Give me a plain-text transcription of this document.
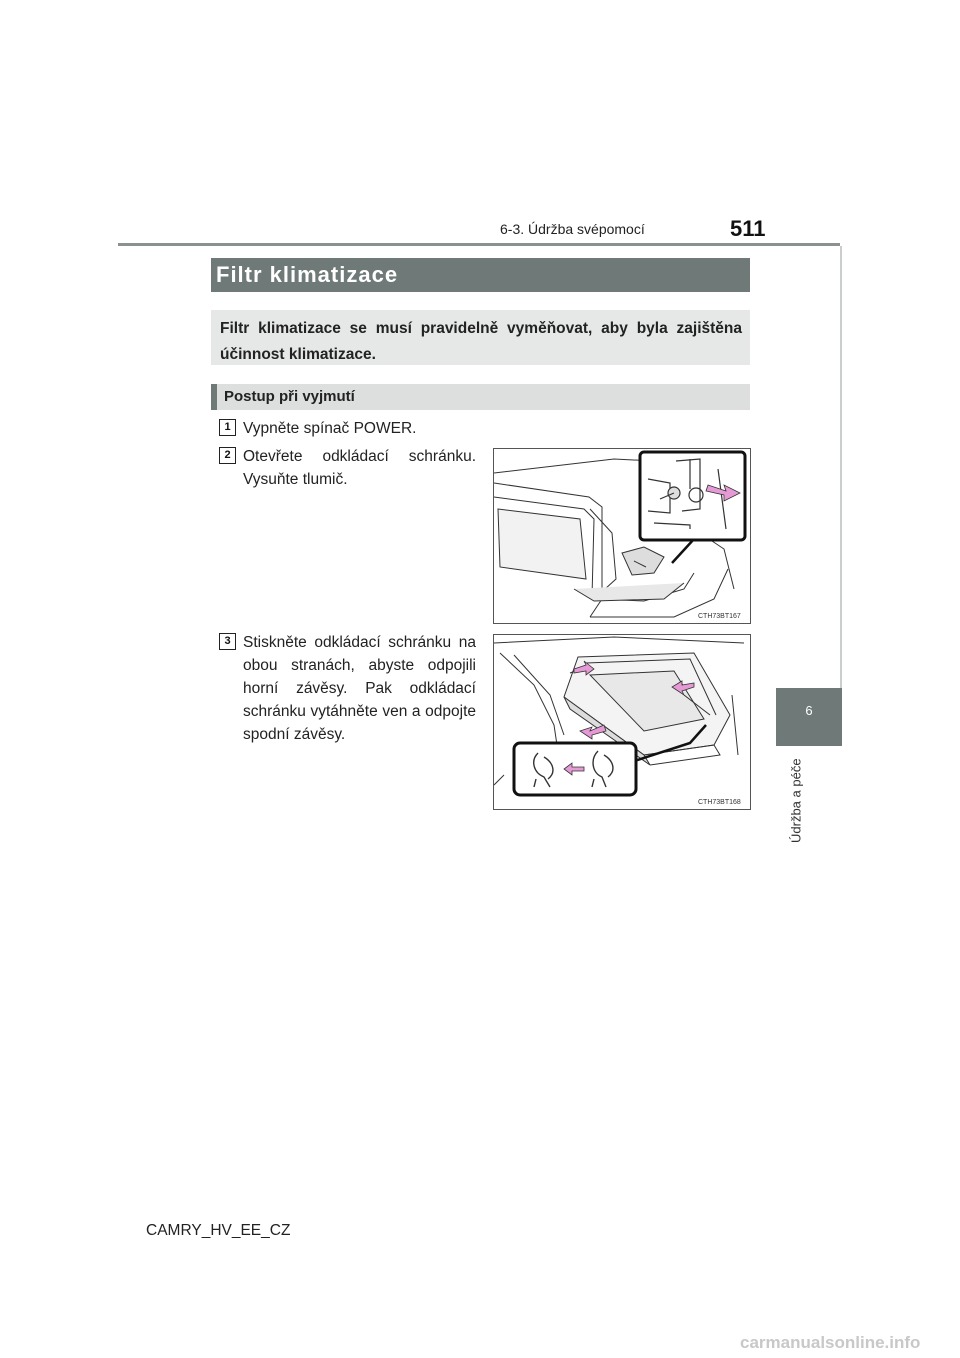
6-3. Údržba svépomocí	511
6
Údržba a péče
Filtr klimatizace
Filtr klimatizace se musí pravidelně vyměňovat, aby byla zajištěna účinnost klimatizace.
Postup při vyjmutí
1 Vypněte spínač POWER.
2 Otevřete odkládací schránku. Vysuňte tlumič.
CTH73BT167
3 Stiskněte odkládací schránku na obou stranách, abyste odpojili horní závěsy. Pak odkládací schránku vytáhněte ven a odpojte spodní závěsy.
CTH73BT168
CAMRY_HV_EE_CZ
carmanualsonline.info
